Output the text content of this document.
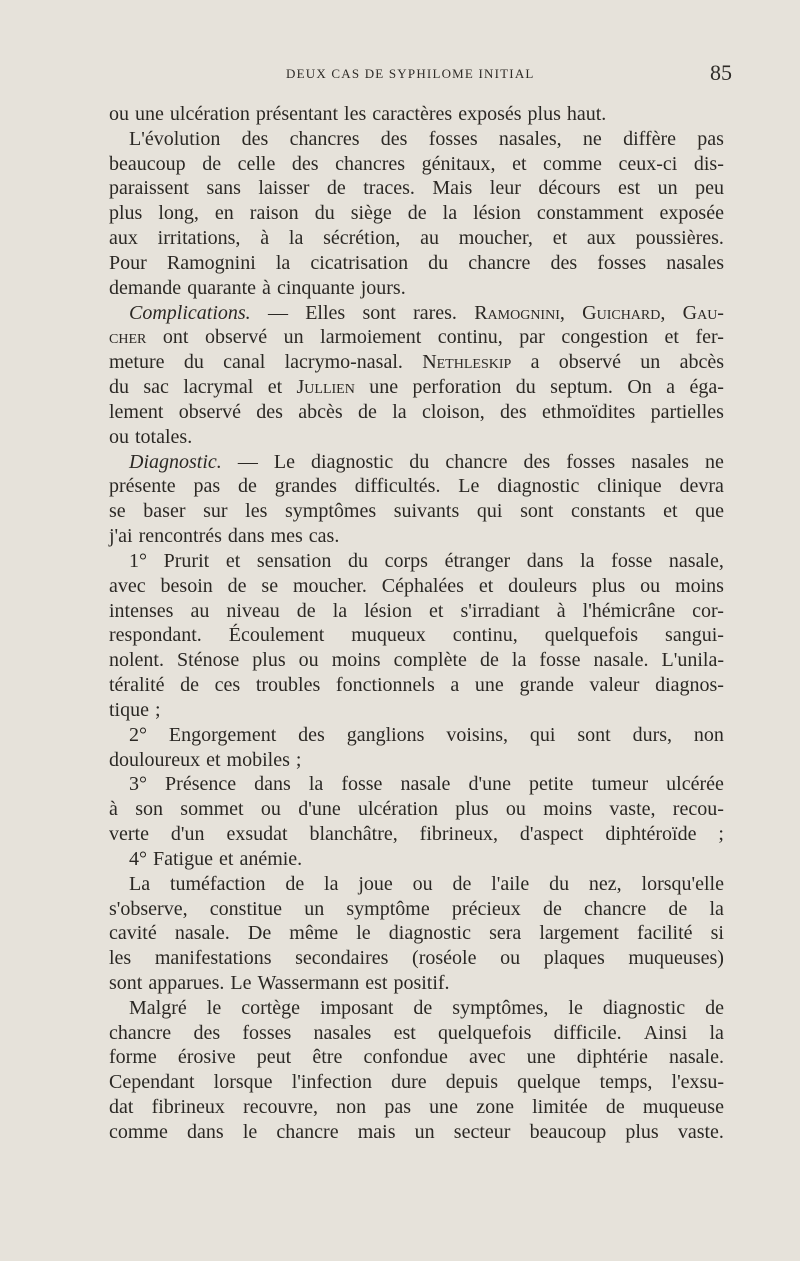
DEUX CAS DE SYPHILOME INITIAL	85
ou une ulcération présentant les caractères exposés plus haut.
L'évolution des chancres des fosses nasales, ne diffère pas
beaucoup de celle des chancres génitaux, et comme ceux-ci dis-
paraissent sans laisser de traces. Mais leur décours est un peu
plus long, en raison du siège de la lésion constamment exposée
aux irritations, à la sécrétion, au moucher, et aux poussières.
Pour Ramognini la cicatrisation du chancre des fosses nasales
demande quarante à cinquante jours.
Complications. — Elles sont rares. Ramognini, Guichard, Gau-
cher ont observé un larmoiement continu, par congestion et fer-
meture du canal lacrymo-nasal. Nethleskip a observé un abcès
du sac lacrymal et Jullien une perforation du septum. On a éga-
lement observé des abcès de la cloison, des ethmoïdites partielles
ou totales.
Diagnostic. — Le diagnostic du chancre des fosses nasales ne
présente pas de grandes difficultés. Le diagnostic clinique devra
se baser sur les symptômes suivants qui sont constants et que
j'ai rencontrés dans mes cas.
1° Prurit et sensation du corps étranger dans la fosse nasale,
avec besoin de se moucher. Céphalées et douleurs plus ou moins
intenses au niveau de la lésion et s'irradiant à l'hémicrâne cor-
respondant. Écoulement muqueux continu, quelquefois sangui-
nolent. Sténose plus ou moins complète de la fosse nasale. L'unila-
téralité de ces troubles fonctionnels a une grande valeur diagnos-
tique ;
2° Engorgement des ganglions voisins, qui sont durs, non
douloureux et mobiles ;
3° Présence dans la fosse nasale d'une petite tumeur ulcérée
à son sommet ou d'une ulcération plus ou moins vaste, recou-
verte d'un exsudat blanchâtre, fibrineux, d'aspect diphtéroïde ;
4° Fatigue et anémie.
La tuméfaction de la joue ou de l'aile du nez, lorsqu'elle
s'observe, constitue un symptôme précieux de chancre de la
cavité nasale. De même le diagnostic sera largement facilité si
les manifestations secondaires (roséole ou plaques muqueuses)
sont apparues. Le Wassermann est positif.
Malgré le cortège imposant de symptômes, le diagnostic de
chancre des fosses nasales est quelquefois difficile. Ainsi la
forme érosive peut être confondue avec une diphtérie nasale.
Cependant lorsque l'infection dure depuis quelque temps, l'exsu-
dat fibrineux recouvre, non pas une zone limitée de muqueuse
comme dans le chancre mais un secteur beaucoup plus vaste.
